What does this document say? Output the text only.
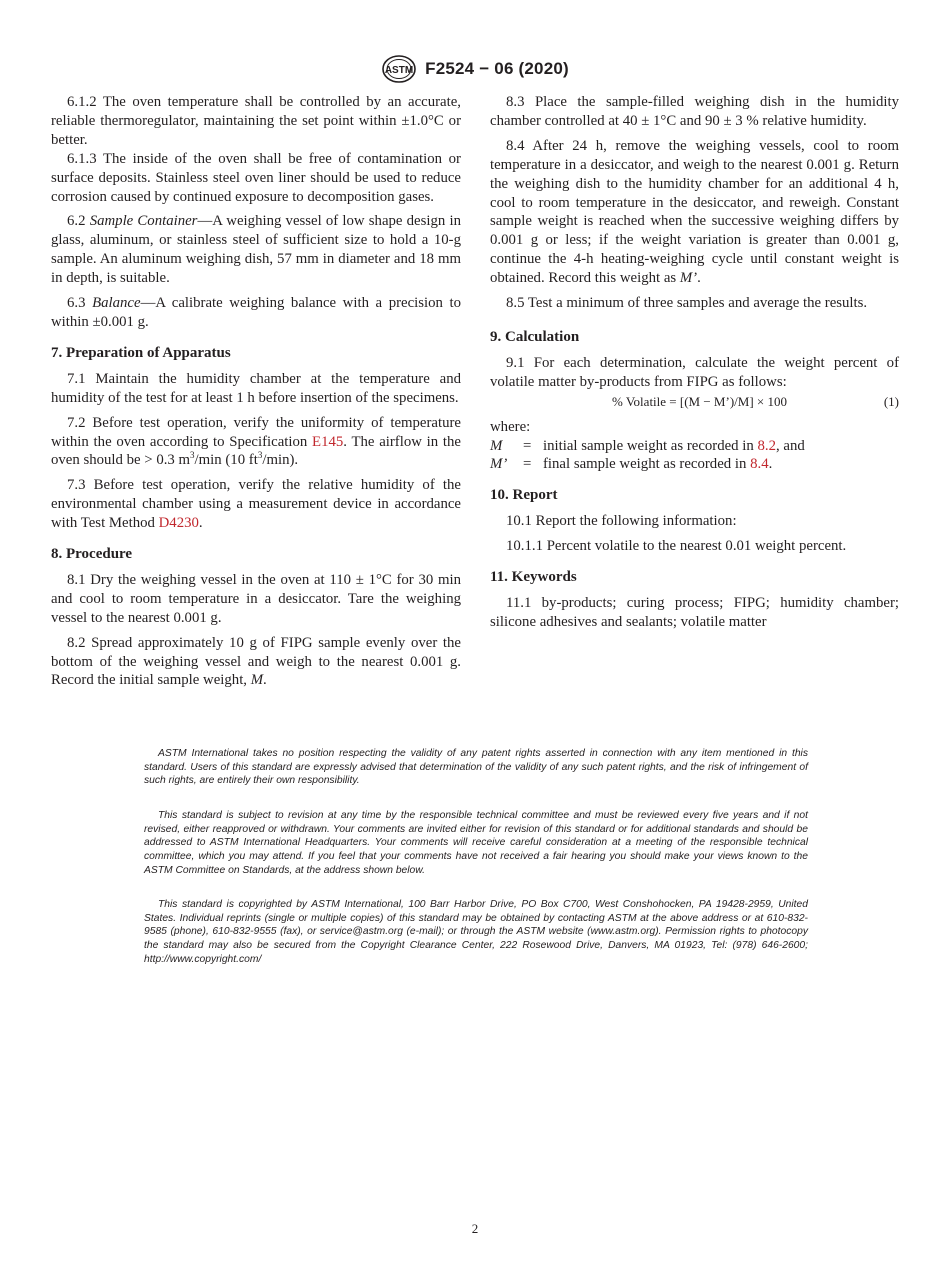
ASTM F2524 − 06 (2020)

6.1.2 The oven temperature shall be controlled by an accurate, reliable thermoregulator, maintaining the set point within ±1.0°C or better.

6.1.3 The inside of the oven shall be free of contamination or surface deposits. Stainless steel oven liner should be used to reduce corrosion caused by continued exposure to decomposition gases.

6.2 Sample Container—A weighing vessel of low shape design in glass, aluminum, or stainless steel of sufficient size to hold a 10-g sample. An aluminum weighing dish, 57 mm in diameter and 18 mm in depth, is suitable.

6.3 Balance—A calibrate weighing balance with a precision to within ±0.001 g.

7. Preparation of Apparatus

7.1 Maintain the humidity chamber at the temperature and humidity of the test for at least 1 h before insertion of the specimens.

7.2 Before test operation, verify the uniformity of temperature within the oven according to Specification E145. The airflow in the oven should be > 0.3 $m^3/\min$ (10 $ft^3/\min$).

7.3 Before test operation, verify the relative humidity of the environmental chamber using a measurement device in accordance with Test Method D4230.

8. Procedure

8.1 Dry the weighing vessel in the oven at 110 ± 1°C for 30 min and cool to room temperature in a desiccator. Tare the weighing vessel to the nearest 0.001 g.

8.2 Spread approximately 10 g of FIPG sample evenly over the bottom of the weighing vessel and weigh to the nearest 0.001 g. Record the initial sample weight, M.

8.3 Place the sample-filled weighing dish in the humidity chamber controlled at 40 ± 1°C and 90 ± 3 % relative humidity.

8.4 After 24 h, remove the weighing vessels, cool to room temperature in a desiccator, and weigh to the nearest 0.001 g. Return the weighing dish to the humidity chamber for an additional 4 h, cool to room temperature in the desiccator, and reweigh. Constant sample weight is reached when the successive weighing differs by 0.001 g or less; if the weight variation is greater than 0.001 g, continue the 4-h heating-weighing cycle until constant weight is obtained. Record this weight as M’.

8.5 Test a minimum of three samples and average the results.

9. Calculation

9.1 For each determination, calculate the weight percent of volatile matter by-products from FIPG as follows:

% Volatile = [(M − M’)/M] × 100	(1)

where:

M	= initial sample weight as recorded in 8.2, and
M’	= final sample weight as recorded in 8.4.
10. Report

10.1 Report the following information:

10.1.1 Percent volatile to the nearest 0.01 weight percent.

11. Keywords

11.1 by-products; curing process; FIPG; humidity chamber; silicone adhesives and sealants; volatile matter

ASTM International takes no position respecting the validity of any patent rights asserted in connection with any item mentioned in this standard. Users of this standard are expressly advised that determination of the validity of any such patent rights, and the risk of infringement of such rights, are entirely their own responsibility.

This standard is subject to revision at any time by the responsible technical committee and must be reviewed every five years and if not revised, either reapproved or withdrawn. Your comments are invited either for revision of this standard or for additional standards and should be addressed to ASTM International Headquarters. Your comments will receive careful consideration at a meeting of the responsible technical committee, which you may attend. If you feel that your comments have not received a fair hearing you should make your views known to the ASTM Committee on Standards, at the address shown below.

This standard is copyrighted by ASTM International, 100 Barr Harbor Drive, PO Box C700, West Conshohocken, PA 19428-2959, United States. Individual reprints (single or multiple copies) of this standard may be obtained by contacting ASTM at the above address or at 610-832-9585 (phone), 610-832-9555 (fax), or service@astm.org (e-mail); or through the ASTM website (www.astm.org). Permission rights to photocopy the standard may also be secured from the Copyright Clearance Center, 222 Rosewood Drive, Danvers, MA 01923, Tel: (978) 646-2600; http://www.copyright.com/

2
